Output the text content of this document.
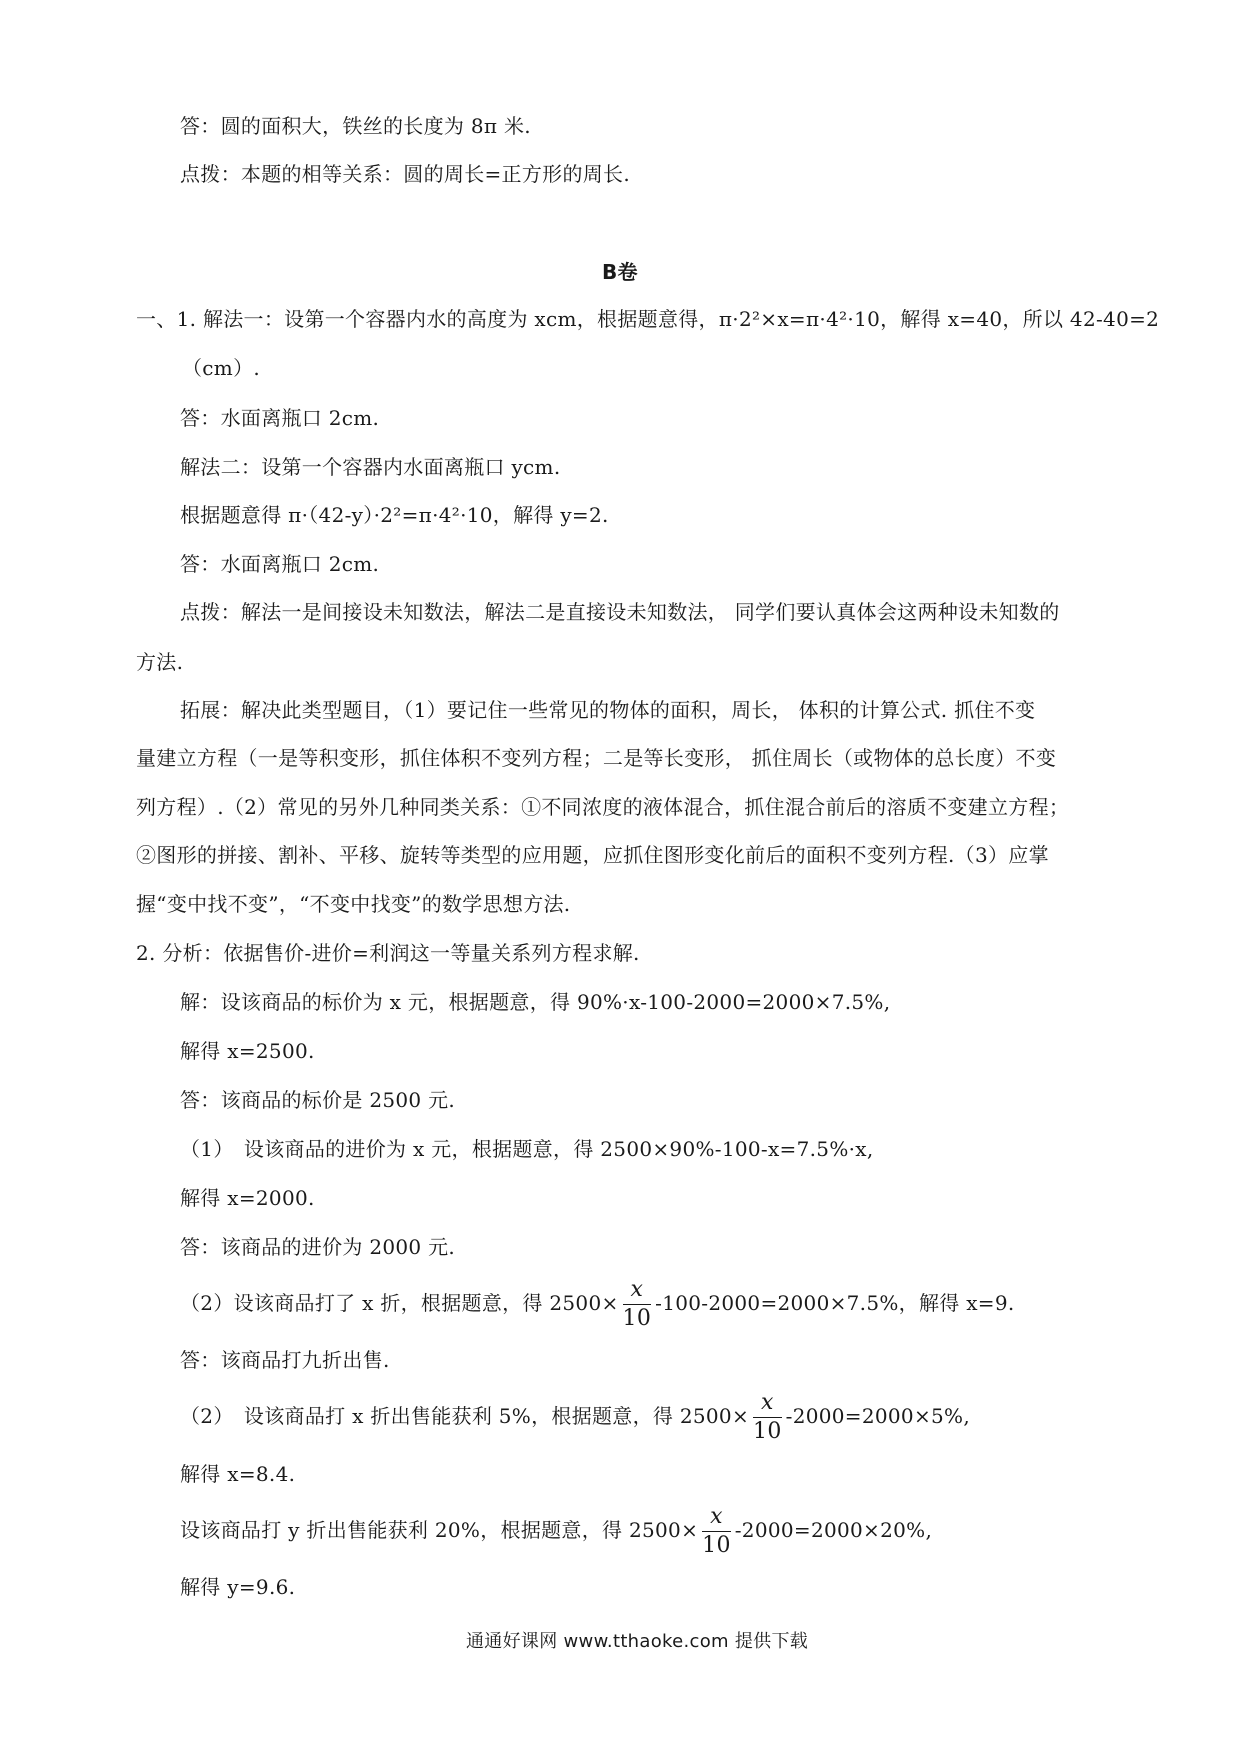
答：圆的面积大，铁丝的长度为 8π 米.
点拨：本题的相等关系：圆的周长=正方形的周长.
B卷
一、1. 解法一：设第一个容器内水的高度为 xcm，根据题意得，π·2²×x=π·4²·10，解得 x=40，所以 42-40=2
（cm）.
答：水面离瓶口 2cm.
解法二：设第一个容器内水面离瓶口 ycm.
根据题意得 π·（42-y）·2²=π·4²·10，解得 y=2.
答：水面离瓶口 2cm.
点拨：解法一是间接设未知数法，解法二是直接设未知数法， 同学们要认真体会这两种设未知数的
方法.
拓展：解决此类型题目，（1）要记住一些常见的物体的面积，周长， 体积的计算公式. 抓住不变
量建立方程（一是等积变形，抓住体积不变列方程；二是等长变形， 抓住周长（或物体的总长度）不变
列方程）.（2）常见的另外几种同类关系：①不同浓度的液体混合，抓住混合前后的溶质不变建立方程；
②图形的拼接、割补、平移、旋转等类型的应用题，应抓住图形变化前后的面积不变列方程.（3）应掌
握“变中找不变”，“不变中找变”的数学思想方法.
2. 分析：依据售价-进价=利润这一等量关系列方程求解.
解：设该商品的标价为 x 元，根据题意，得 90%·x-100-2000=2000×7.5%,
解得 x=2500.
答：该商品的标价是 2500 元.
（1）　设该商品的进价为 x 元，根据题意，得 2500×90%-100-x=7.5%·x,
解得 x=2000.
答：该商品的进价为 2000 元.
（2）设该商品打了 x 折，根据题意，得 $2500\times \frac{x}{10} -100-2000=2000\times 7.5\%$，解得 x=9.
答：该商品打九折出售.
（2）　设该商品打 x 折出售能获利 5%，根据题意，得 $2500\times \frac{x}{10} -2000=2000\times 5\%$,
解得 x=8.4.
设该商品打 y 折出售能获利 20%，根据题意，得 $2500\times \frac{x}{10} -2000=2000\times 20\%$,
解得 y=9.6.
通通好课网 www.tthaoke.com 提供下载
